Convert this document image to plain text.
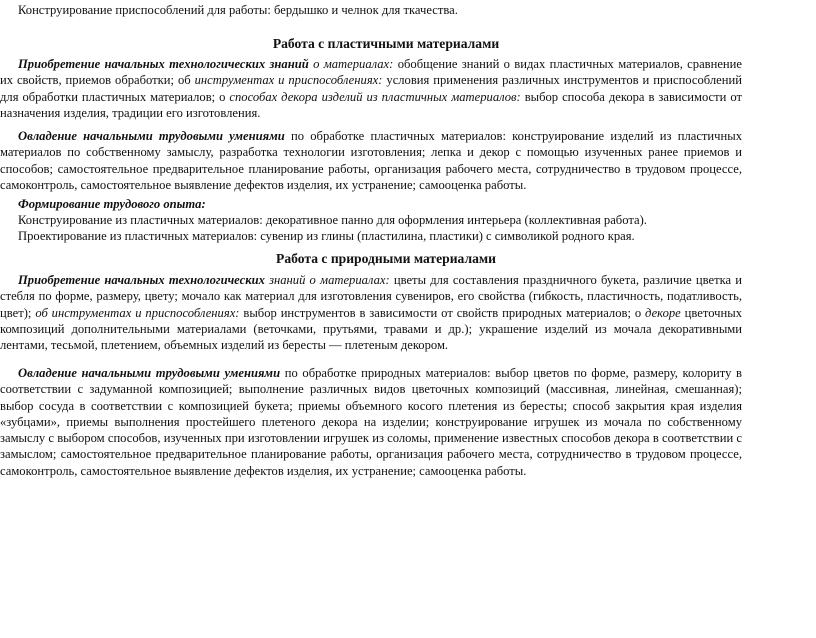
Конструирование приспособлений для работы: бердышко и челнок для ткачества.
Работа с пластичными материалами

Приобретение начальных технологических знаний о материалах: обобщение знаний о видах пластичных материалов, сравнение их свойств, приемов обработки; об инструментах и приспособлениях: условия применения различных инструментов и приспособлений для обработки пластичных материалов; о способах декора изделий из пластичных материалов: выбор способа декора в зависимости от назначения изделия, традиции его изготовления.

Овладение начальными трудовыми умениями по обработке пластичных материалов: конструирование изделий из пластичных материалов по собственному замыслу, разработка технологии изготовления; лепка и декор с помощью изученных ранее приемов и способов; самостоятельное предварительное планирование работы, организация рабочего места, сотрудничество в трудовом процессе, самоконтроль, самостоятельное выявление дефектов изделия, их устранение; самооценка работы.

Формирование трудового опыта:
Конструирование из пластичных материалов: декоративное панно для оформления интерьера (коллективная работа).
Проектирование из пластичных материалов: сувенир из глины (пластилина, пластики) с символикой родного края.
Работа с природными материалами

Приобретение начальных технологических знаний о материалах: цветы для составления праздничного букета, различие цветка и стебля по форме, размеру, цвету; мочало как материал для изготовления сувениров, его свойства (гибкость, пластичность, податливость, цвет); об инструментах и приспособлениях: выбор инструментов в зависимости от свойств природных материалов; о декоре цветочных композиций дополнительными материалами (веточками, прутьями, травами и др.); украшение изделий из мочала декоративными лентами, тесьмой, плетением, объемных изделий из бересты — плетеным декором.

Овладение начальными трудовыми умениями по обработке природных материалов: выбор цветов по форме, размеру, колориту в соответствии с задуманной композицией; выполнение различных видов цветочных композиций (массивная, линейная, смешанная); выбор сосуда в соответствии с композицией букета; приемы объемного косого плетения из бересты; способ закрытия края изделия «зубцами», приемы выполнения простейшего плетеного декора на изделии; конструирование игрушек из мочала по собственному замыслу с выбором способов, изученных при изготовлении игрушек из соломы, применение известных способов декора в соответствии с замыслом; самостоятельное предварительное планирование работы, организация рабочего места, сотрудничество в трудовом процессе, самоконтроль, самостоятельное выявление дефектов изделия, их устранение; самооценка работы.
